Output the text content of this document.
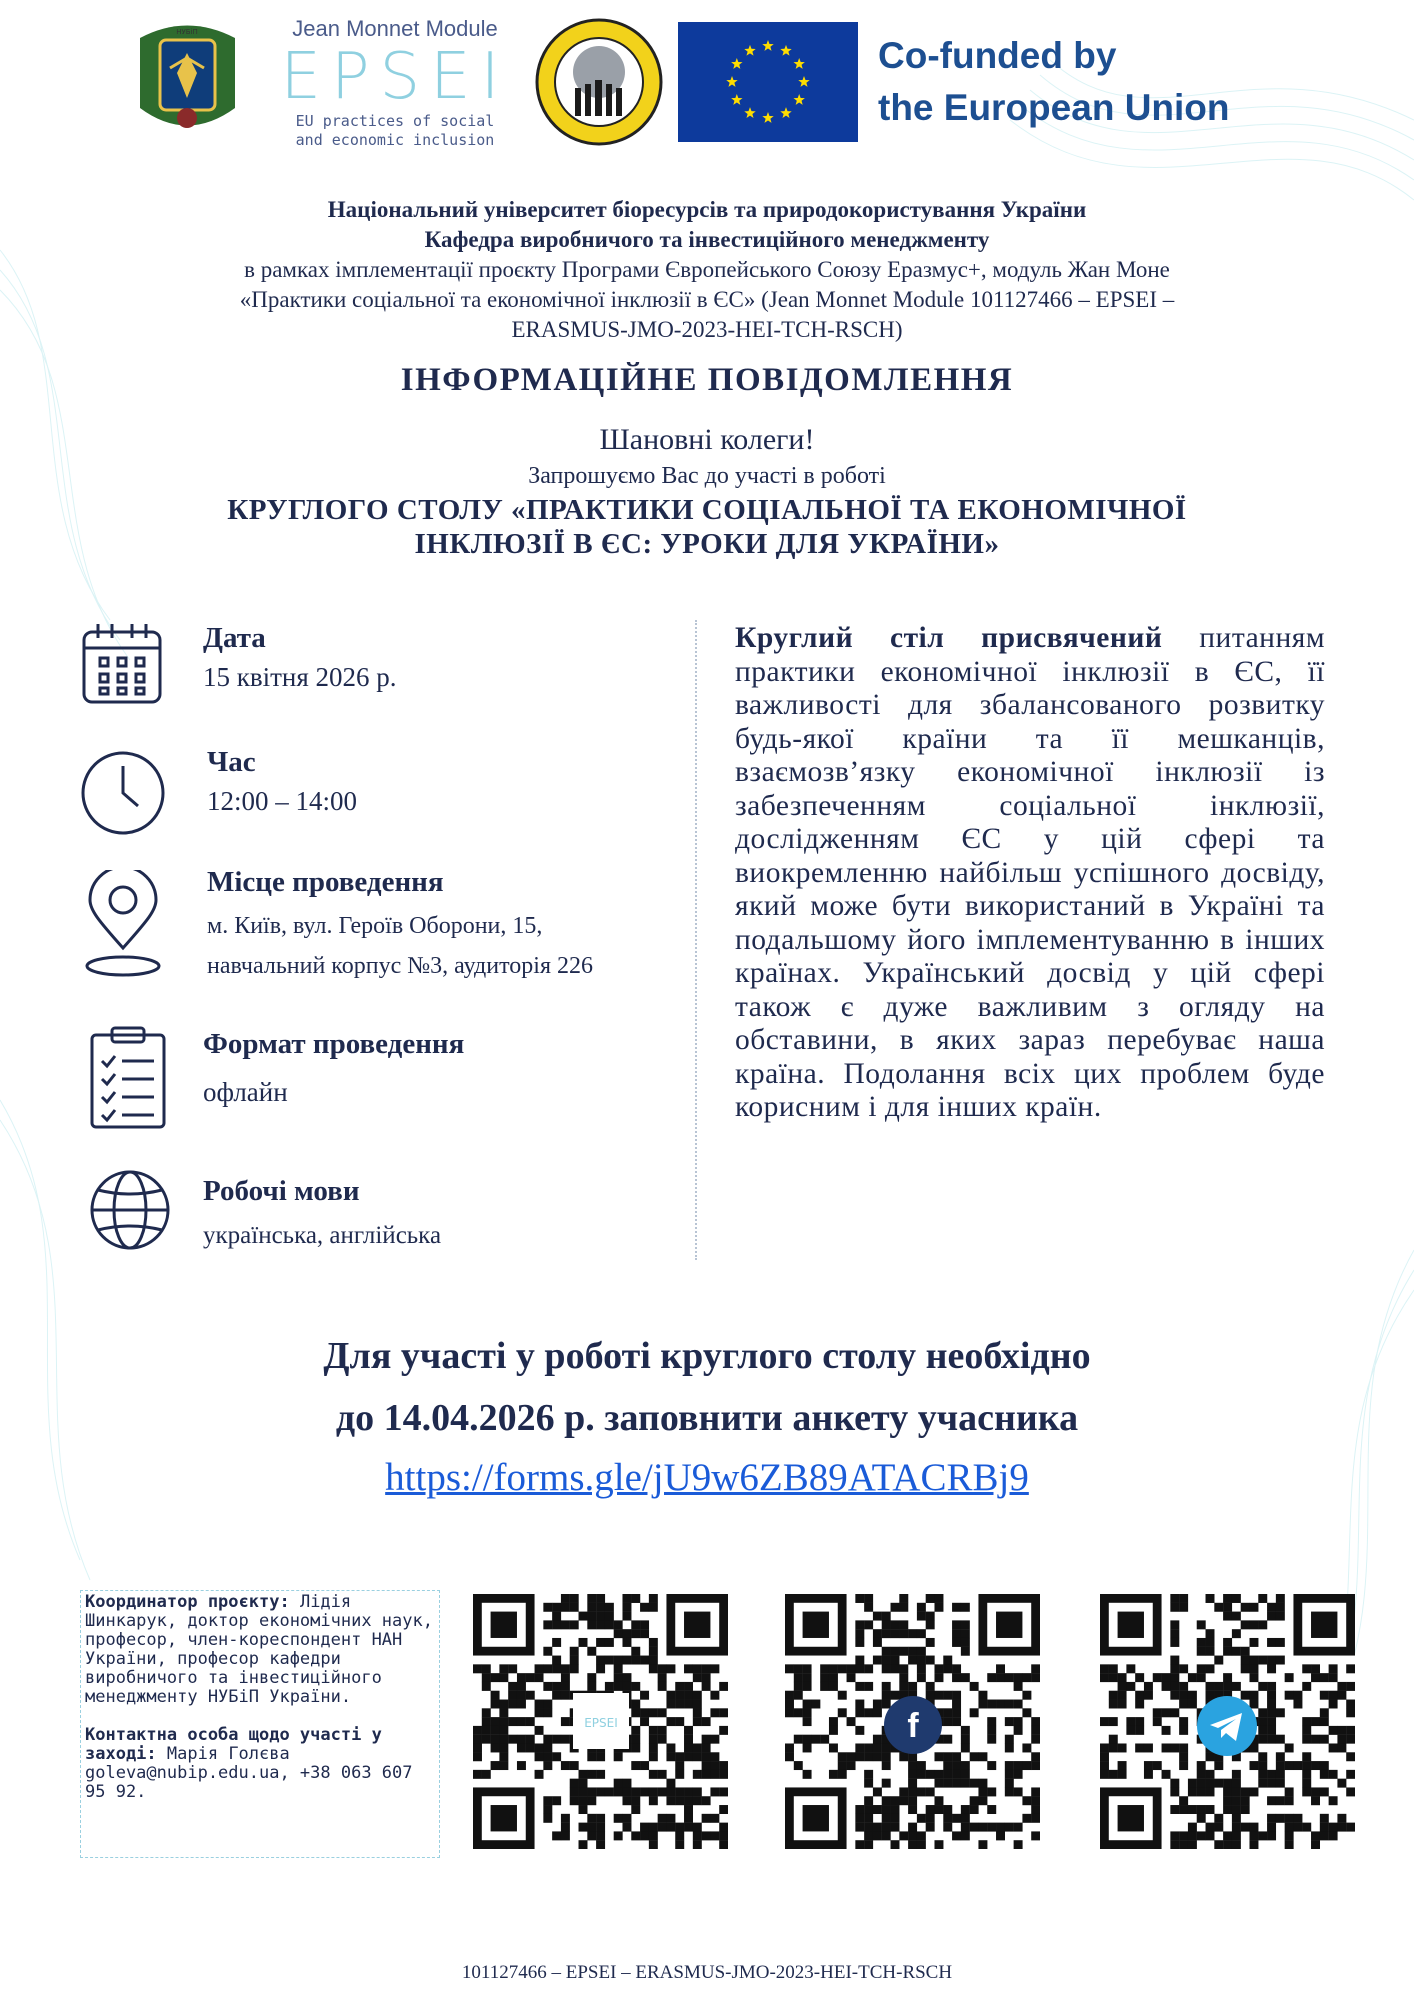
НУБіП	Jean Monnet Module
EPSEI
EU practices of social
and economic inclusion
Co-funded by
the European Union
Національний університет біоресурсів та природокористування України
Кафедра виробничого та інвестиційного менеджменту
в рамках імплементації проєкту Програми Європейського Союзу Еразмус+, модуль Жан Моне
«Практики соціальної та економічної інклюзії в ЄС» (Jean Monnet Module 101127466 – EPSEI –
ERASMUS-JMO-2023-HEI-TCH-RSCH)
ІНФОРМАЦІЙНЕ ПОВІДОМЛЕННЯ
Шановні колеги!
Запрошуємо Вас до участі в роботі
КРУГЛОГО СТОЛУ «ПРАКТИКИ СОЦІАЛЬНОЇ ТА ЕКОНОМІЧНОЇ
ІНКЛЮЗІЇ В ЄС: УРОКИ ДЛЯ УКРАЇНИ»
Дата
15 квітня 2026 р.
Час
12:00 – 14:00
Місце проведення
м. Київ, вул. Героїв Оборони, 15,
навчальний корпус №3, аудиторія 226
Формат проведення
офлайн
Робочі мови
українська, англійська
Круглий стіл присвячений питанням практики економічної інклюзії в ЄС, її важливості для збалансованого розвитку будь-якої країни та її мешканців, взаємозв’язку економічної інклюзії із забезпеченням соціальної інклюзії, дослідженням ЄС у цій сфері та виокремленню найбільш успішного досвіду, який може бути використаний в Україні та подальшому його імплементуванню в інших країнах. Український досвід у цій сфері також є дуже важливим з огляду на обставини, в яких зараз перебуває наша країна. Подолання всіх цих проблем буде корисним і для інших країн.
Для участі у роботі круглого столу необхідно
до 14.04.2026 р. заповнити анкету учасника
https://forms.gle/jU9w6ZB89ATACRBj9
Координатор проєкту: Лідія Шинкарук, доктор економічних наук, професор, член-кореспондент НАН України, професор кафедри виробничого та інвестиційного менеджменту НУБіП України.
Контактна особа щодо участі у заході: Марія Голєва goleva@nubip.edu.ua, +38 063 607 95 92.
EPSEI	f
101127466 – EPSEI – ERASMUS-JMO-2023-HEI-TCH-RSCH
